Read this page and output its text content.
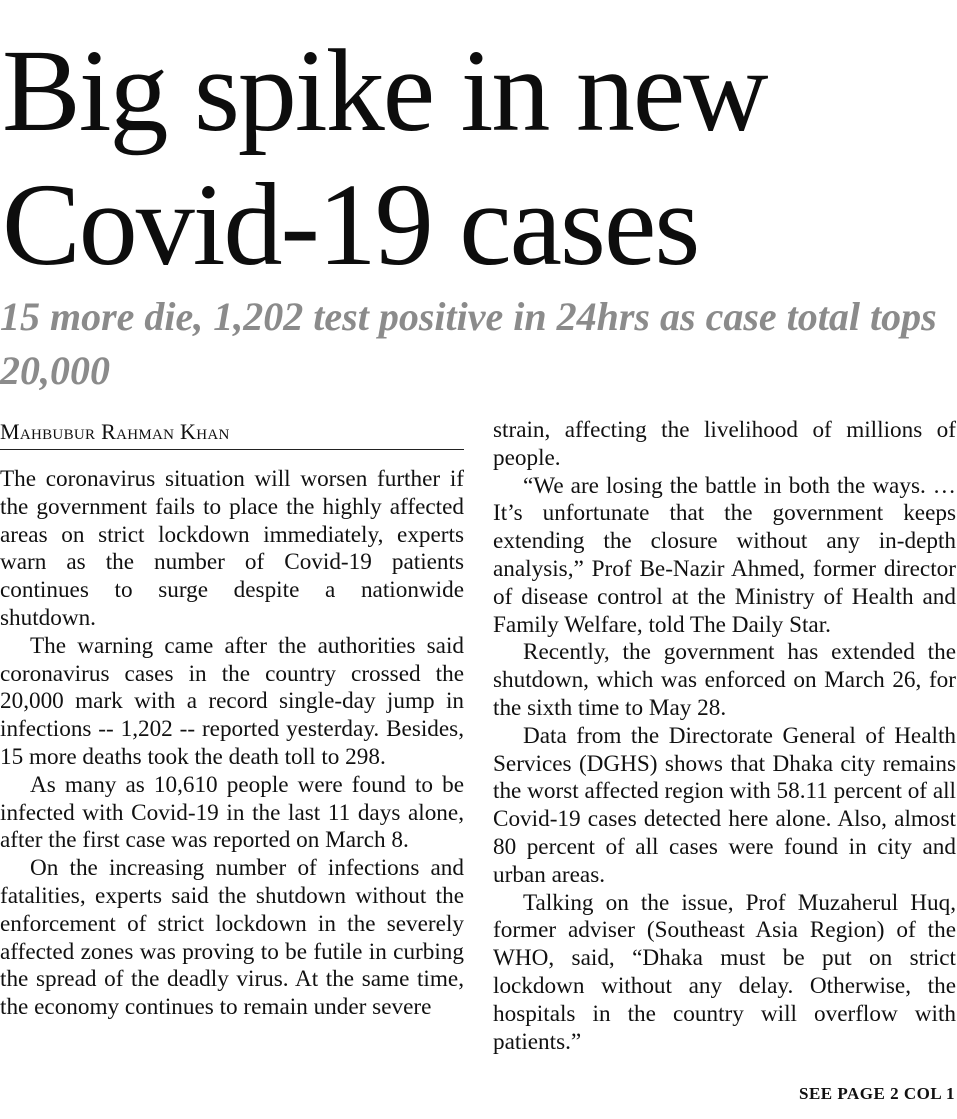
Big spike in new Covid-19 cases
15 more die, 1,202 test positive in 24hrs as case total tops 20,000
Mahbubur Rahman Khan

The coronavirus situation will worsen further if the government fails to place the highly affected areas on strict lockdown immediately, experts warn as the number of Covid-19 patients continues to surge despite a nationwide shutdown.

The warning came after the authorities said coronavirus cases in the country crossed the 20,000 mark with a record single-day jump in infections -- 1,202 -- reported yesterday. Besides, 15 more deaths took the death toll to 298.

As many as 10,610 people were found to be infected with Covid-19 in the last 11 days alone, after the first case was reported on March 8.

On the increasing number of infections and fatalities, experts said the shutdown without the enforcement of strict lockdown in the severely affected zones was proving to be futile in curbing the spread of the deadly virus. At the same time, the economy continues to remain under severe

strain, affecting the livelihood of millions of people.

“We are losing the battle in both the ways. … It’s unfortunate that the government keeps extending the closure without any in-depth analysis,” Prof Be-Nazir Ahmed, former director of disease control at the Ministry of Health and Family Welfare, told The Daily Star.

Recently, the government has extended the shutdown, which was enforced on March 26, for the sixth time to May 28.

Data from the Directorate General of Health Services (DGHS) shows that Dhaka city remains the worst affected region with 58.11 percent of all Covid-19 cases detected here alone. Also, almost 80 percent of all cases were found in city and urban areas.

Talking on the issue, Prof Muzaherul Huq, former adviser (Southeast Asia Region) of the WHO, said, “Dhaka must be put on strict lockdown without any delay. Otherwise, the hospitals in the country will overflow with patients.”

SEE PAGE 2 COL 1
